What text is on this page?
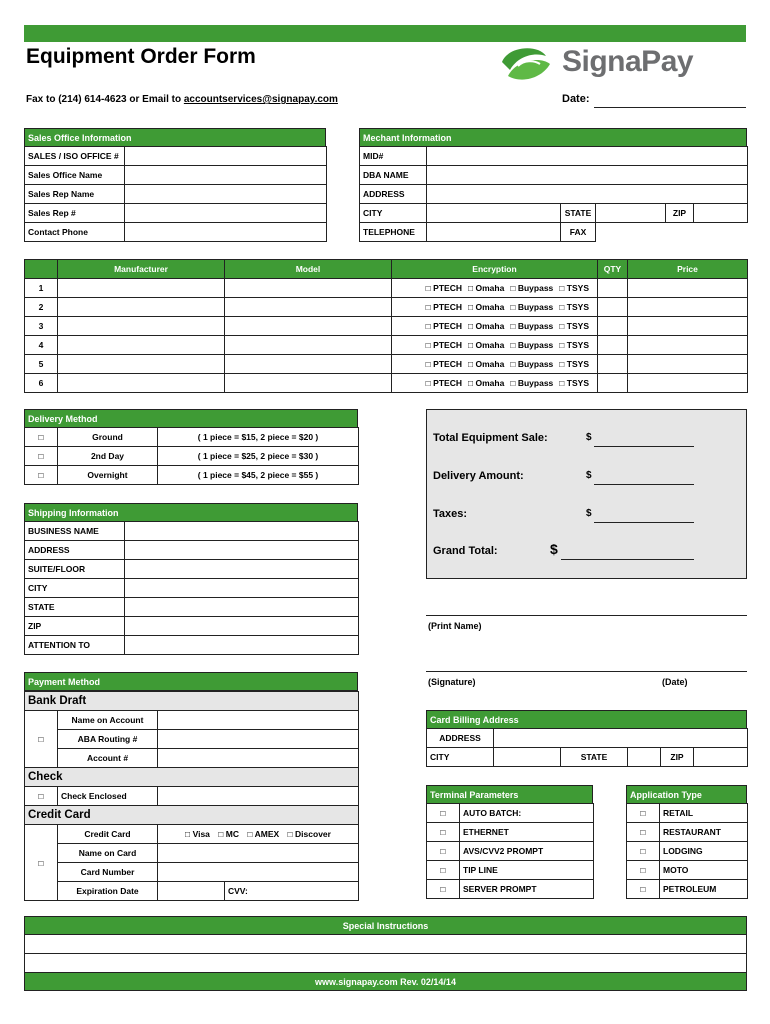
Equipment Order Form	SignaPay
Fax to (214) 614-4623 or Email to accountservices@signapay.com	Date:
Sales Office Information
SALES / ISO OFFICE #	
Sales Office Name	
Sales Rep Name	
Sales Rep #	
Contact Phone	
Mechant Information
MID#					
DBA NAME					
ADDRESS					
CITY		STATE		ZIP	
TELEPHONE		FAX			
	Manufacturer	Model	Encryption	QTY	Price
1			□ PTECH □ Omaha □ Buypass □ TSYS		
2			□ PTECH □ Omaha □ Buypass □ TSYS		
3			□ PTECH □ Omaha □ Buypass □ TSYS		
4			□ PTECH □ Omaha □ Buypass □ TSYS		
5			□ PTECH □ Omaha □ Buypass □ TSYS		
6			□ PTECH □ Omaha □ Buypass □ TSYS		
Delivery Method
□	Ground	( 1 piece = $15, 2 piece = $20 )
□	2nd Day	( 1 piece = $25, 2 piece = $30 )
□	Overnight	( 1 piece = $45, 2 piece = $55 )
Total Equipment Sale:	$
Delivery Amount:	$
Taxes:	$
Grand Total:	$
Shipping Information
BUSINESS NAME	
ADDRESS	
SUITE/FLOOR	
CITY	
STATE	
ZIP	
ATTENTION TO	
(Print Name)
(Signature)	(Date)
Payment Method
Bank Draft			
□	Name on Account		
	ABA Routing #		
	Account #		
Check			
□	Check Enclosed		
Credit Card			
□	Credit Card	□ Visa □ MC □ AMEX □ Discover	
	Name on Card		
	Card Number		
	Expiration Date		CVV:
Card Billing Address
ADDRESS					
CITY		STATE		ZIP	
Terminal Parameters
□	AUTO BATCH:
□	ETHERNET
□	AVS/CVV2 PROMPT
□	TIP LINE
□	SERVER PROMPT
Application Type
□	RETAIL
□	RESTAURANT
□	LODGING
□	MOTO
□	PETROLEUM
Special Instructions

www.signapay.com Rev. 02/14/14
